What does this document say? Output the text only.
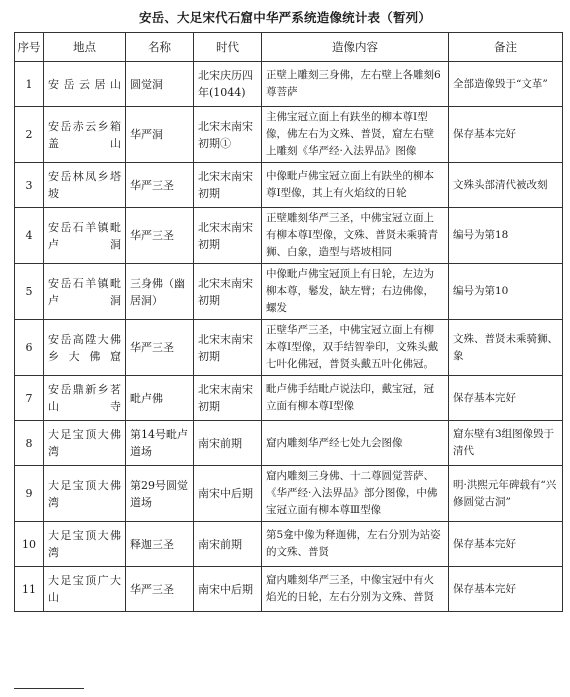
安岳、大足宋代石窟中华严系统造像统计表（暂列）
序号	地点	名称	时代	造像内容	备注
1	安岳云居山	圆觉洞	北宋庆历四年(1044)	正壁上雕刻三身佛，左右壁上各雕刻6尊菩萨	全部造像毁于“文革”
2	安岳赤云乡箱盖山	华严洞	北宋末南宋初期①	主佛宝冠立面上有趺坐的柳本尊Ⅰ型像，佛左右为文殊、普贤，窟左右壁上雕刻《华严经·入法界品》图像	保存基本完好
3	安岳林凤乡塔坡	华严三圣	北宋末南宋初期	中像毗卢佛宝冠立面上有趺坐的柳本尊Ⅰ型像，其上有火焰纹的日轮	文殊头部清代被改刻
4	安岳石羊镇毗卢洞	华严三圣	北宋末南宋初期	正壁雕刻华严三圣，中佛宝冠立面上有柳本尊Ⅰ型像，文殊、普贤未乘骑青狮、白象，造型与塔坡相同	编号为第18
5	安岳石羊镇毗卢洞	三身佛（幽居洞）	北宋末南宋初期	中像毗卢佛宝冠顶上有日轮，左边为柳本尊，鬈发，缺左臂；右边佛像，螺发	编号为第10
6	安岳高陞大佛乡大佛窟	华严三圣	北宋末南宋初期	正壁华严三圣，中佛宝冠立面上有柳本尊Ⅰ型像，双手结智拳印，文殊头戴七叶化佛冠，普贤头戴五叶化佛冠。	文殊、普贤未乘骑狮、象
7	安岳鼎新乡茗山寺	毗卢佛	北宋末南宋初期	毗卢佛手结毗卢说法印，戴宝冠，冠立面有柳本尊Ⅰ型像	保存基本完好
8	大足宝顶大佛湾	第14号毗卢道场	南宋前期	窟内雕刻华严经七处九会图像	窟东壁有3组图像毁于清代
9	大足宝顶大佛湾	第29号圆觉道场	南宋中后期	窟内雕刻三身佛、十二尊圆觉菩萨、《华严经·入法界品》部分图像，中佛宝冠立面有柳本尊Ⅲ型像	明·洪熙元年碑载有“兴修圆觉古洞”
10	大足宝顶大佛湾	释迦三圣	南宋前期	第5龛中像为释迦佛，左右分别为站姿的文殊、普贤	保存基本完好
11	大足宝顶广大山	华严三圣	南宋中后期	窟内雕刻华严三圣，中像宝冠中有火焰光的日轮，左右分别为文殊、普贤	保存基本完好
